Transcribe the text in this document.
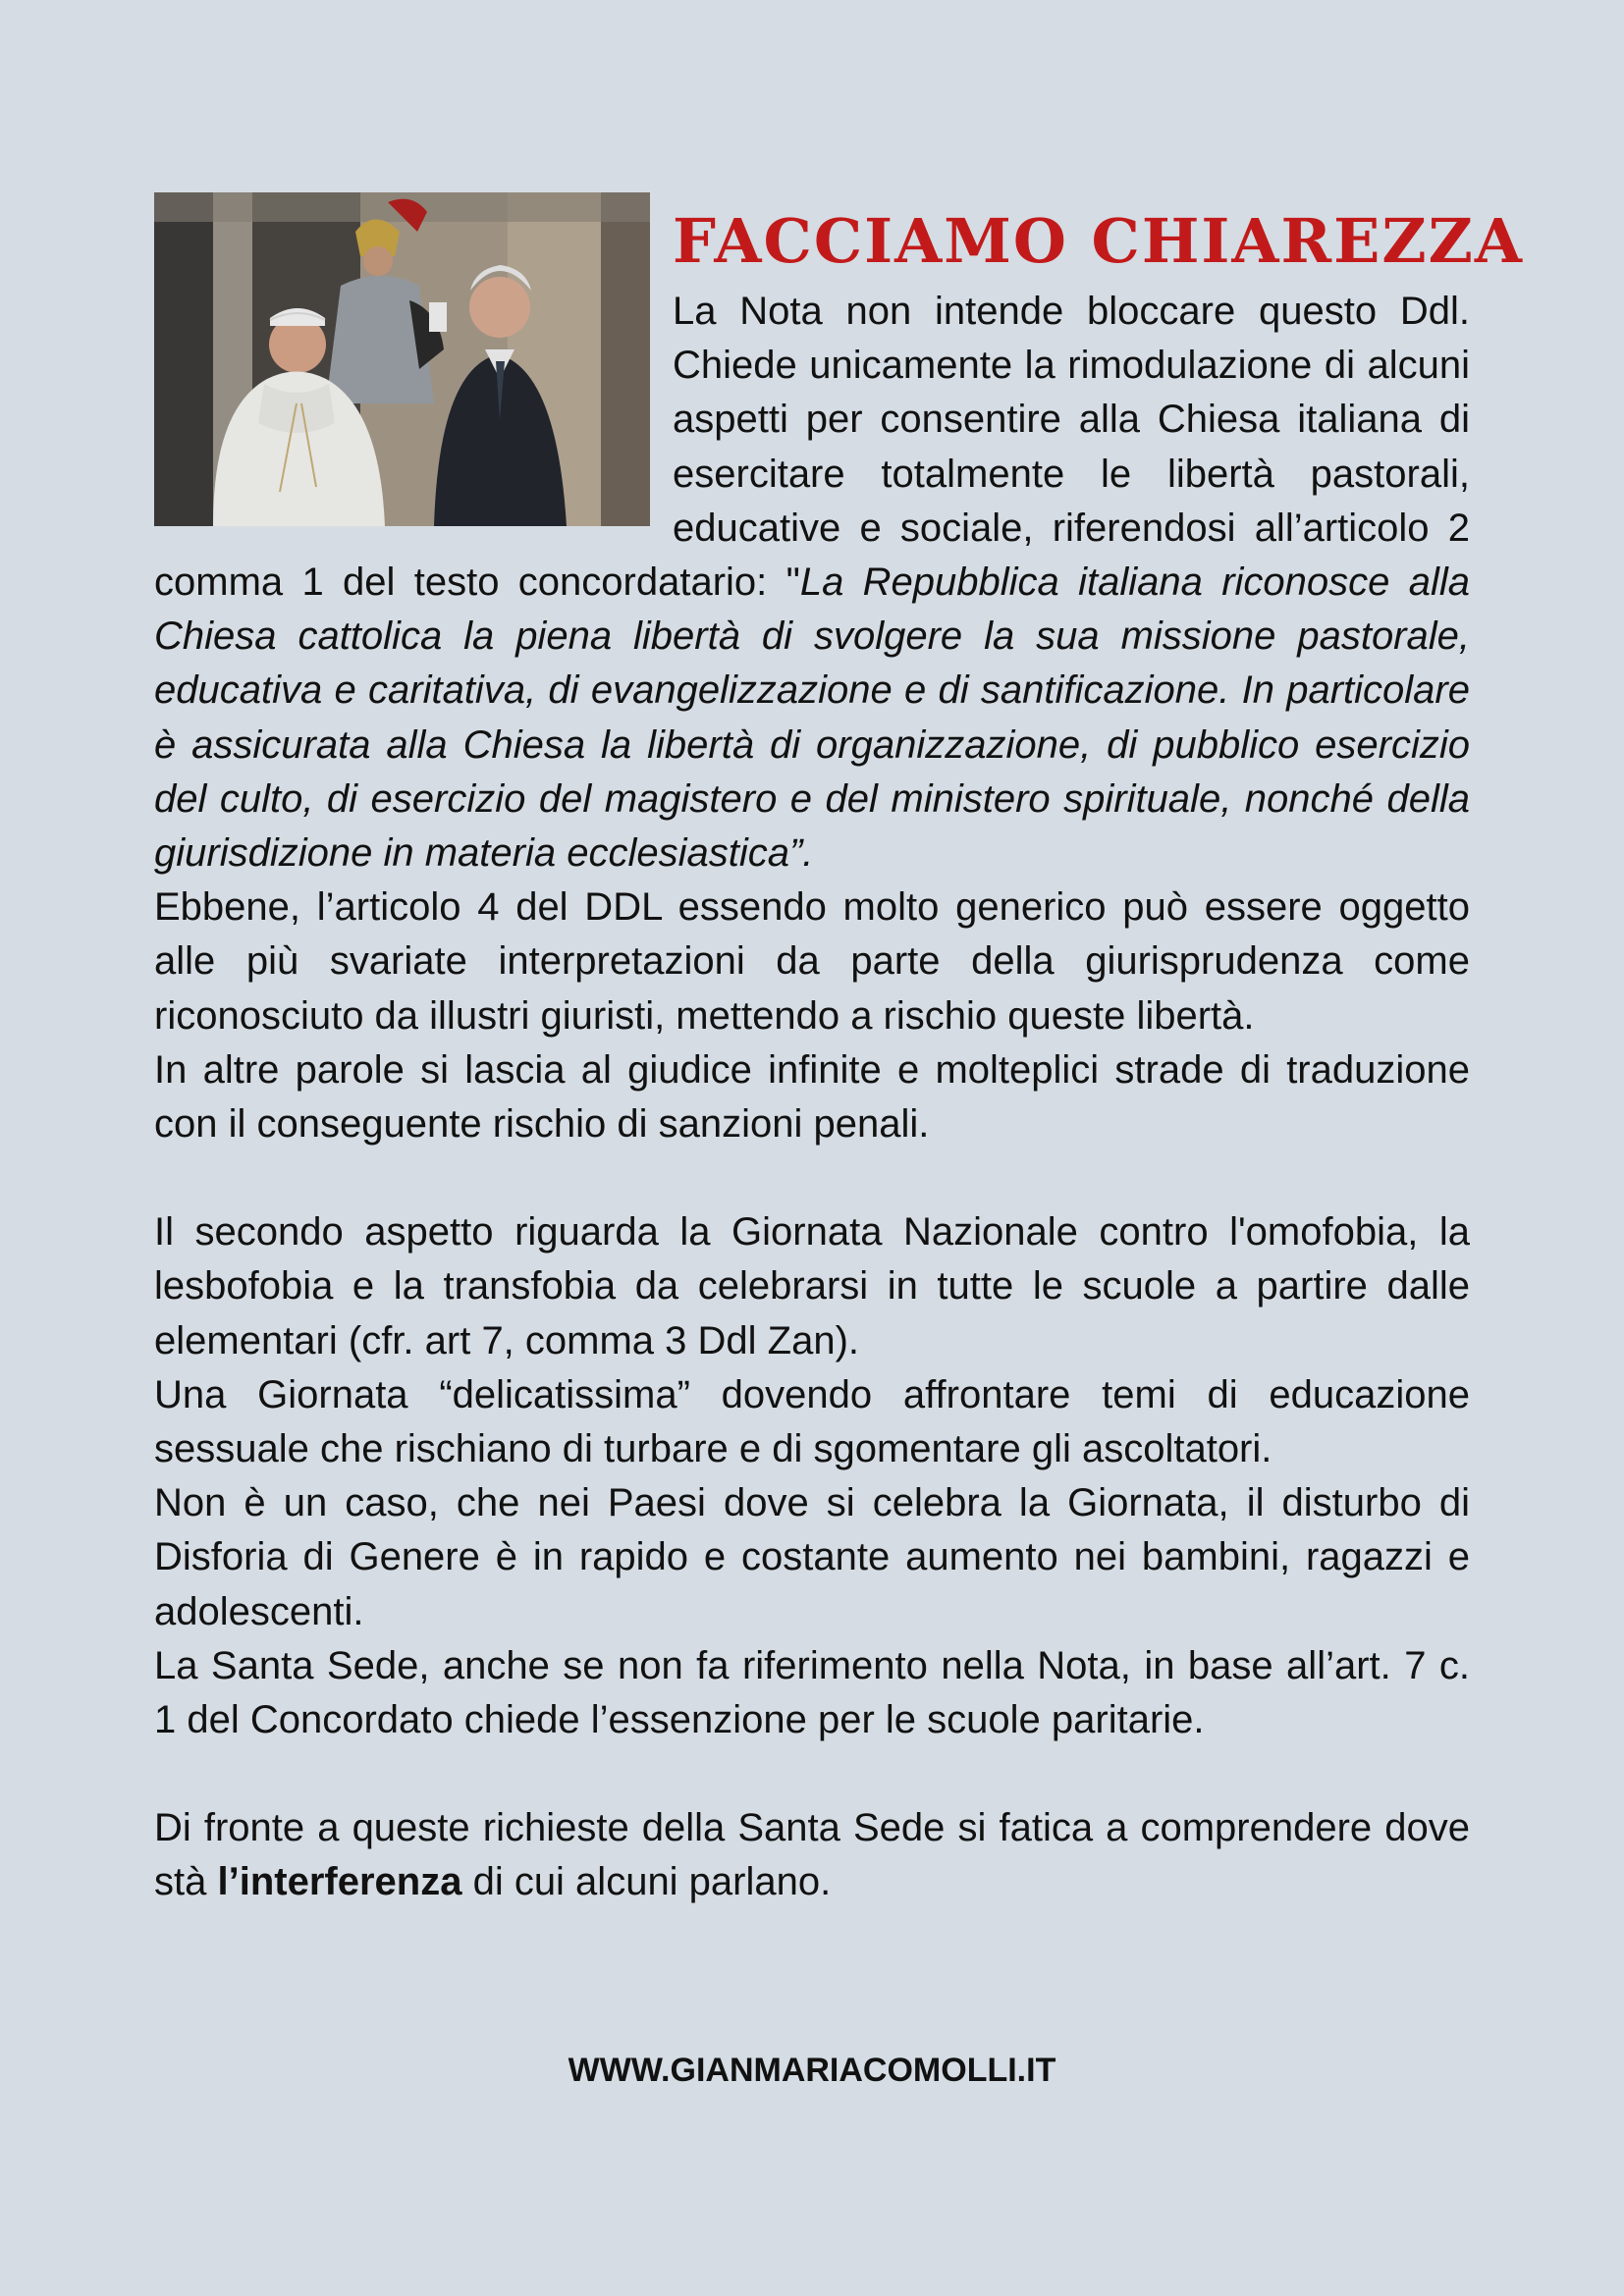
FACCIAMO CHIAREZZA

La Nota non intende bloccare questo Ddl. Chiede unicamente la rimodulazione di alcuni aspetti per consentire alla Chiesa italiana di esercitare totalmente le libertà pastorali, educative e sociale, riferendosi all’articolo 2 comma 1 del testo concordatario: "La Repubblica italiana riconosce alla Chiesa cattolica la piena libertà di svolgere la sua missione pastorale, educativa e caritativa, di evangelizzazione e di santificazione. In particolare è assicurata alla Chiesa la libertà di organizzazione, di pubblico esercizio del culto, di esercizio del magistero e del ministero spirituale, nonché della giurisdizione in materia ecclesiastica”.

Ebbene, l’articolo 4 del DDL essendo molto generico può essere oggetto alle più svariate interpretazioni da parte della giurisprudenza come riconosciuto da illustri giuristi, mettendo a rischio queste libertà.

In altre parole si lascia al giudice infinite e molteplici strade di traduzione con il conseguente rischio di sanzioni penali.

Il secondo aspetto riguarda la Giornata Nazionale contro l'omofobia, la lesbofobia e la transfobia da celebrarsi in tutte le scuole a partire dalle elementari (cfr. art 7, comma 3 Ddl Zan).

Una Giornata “delicatissima” dovendo affrontare temi di educazione sessuale che rischiano di turbare e di sgomentare gli ascoltatori.

Non è un caso, che nei Paesi dove si celebra la Giornata, il disturbo di Disforia di Genere è in rapido e costante aumento nei bambini, ragazzi e adolescenti.

La Santa Sede, anche se non fa riferimento nella Nota, in base all’art. 7 c. 1 del Concordato chiede l’essenzione per le scuole paritarie.

Di fronte a queste richieste della Santa Sede si fatica a comprendere dove stà l’interferenza di cui alcuni parlano.

WWW.GIANMARIACOMOLLI.IT
